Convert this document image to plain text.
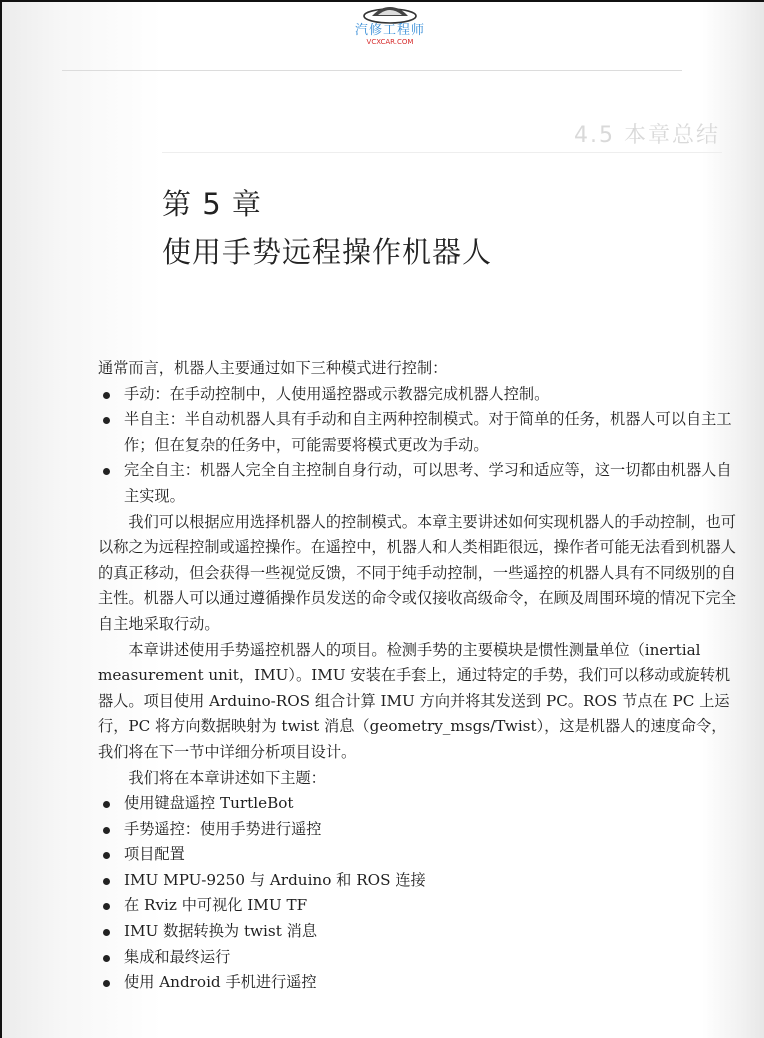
4.5 本章总结
汽修工程师
VCXCAR.COM
第 5 章
使用手势远程操作机器人

通常而言，机器人主要通过如下三种模式进行控制：

手动：在手动控制中，人使用遥控器或示教器完成机器人控制。
半自主：半自动机器人具有手动和自主两种控制模式。对于简单的任务，机器人可以自主工作；但在复杂的任务中，可能需要将模式更改为手动。
完全自主：机器人完全自主控制自身行动，可以思考、学习和适应等，这一切都由机器人自主实现。

我们可以根据应用选择机器人的控制模式。本章主要讲述如何实现机器人的手动控制，也可以称之为远程控制或遥控操作。在遥控中，机器人和人类相距很远，操作者可能无法看到机器人的真正移动，但会获得一些视觉反馈，不同于纯手动控制，一些遥控的机器人具有不同级别的自主性。机器人可以通过遵循操作员发送的命令或仅接收高级命令，在顾及周围环境的情况下完全自主地采取行动。

本章讲述使用手势遥控机器人的项目。检测手势的主要模块是惯性测量单位（inertial measurement unit，IMU）。IMU 安装在手套上，通过特定的手势，我们可以移动或旋转机器人。项目使用 Arduino-ROS 组合计算 IMU 方向并将其发送到 PC。ROS 节点在 PC 上运行，PC 将方向数据映射为 twist 消息（geometry_msgs/Twist），这是机器人的速度命令，我们将在下一节中详细分析项目设计。

我们将在本章讲述如下主题：

使用键盘遥控 TurtleBot
手势遥控：使用手势进行遥控
项目配置
IMU MPU-9250 与 Arduino 和 ROS 连接
在 Rviz 中可视化 IMU TF
IMU 数据转换为 twist 消息
集成和最终运行
使用 Android 手机进行遥控
